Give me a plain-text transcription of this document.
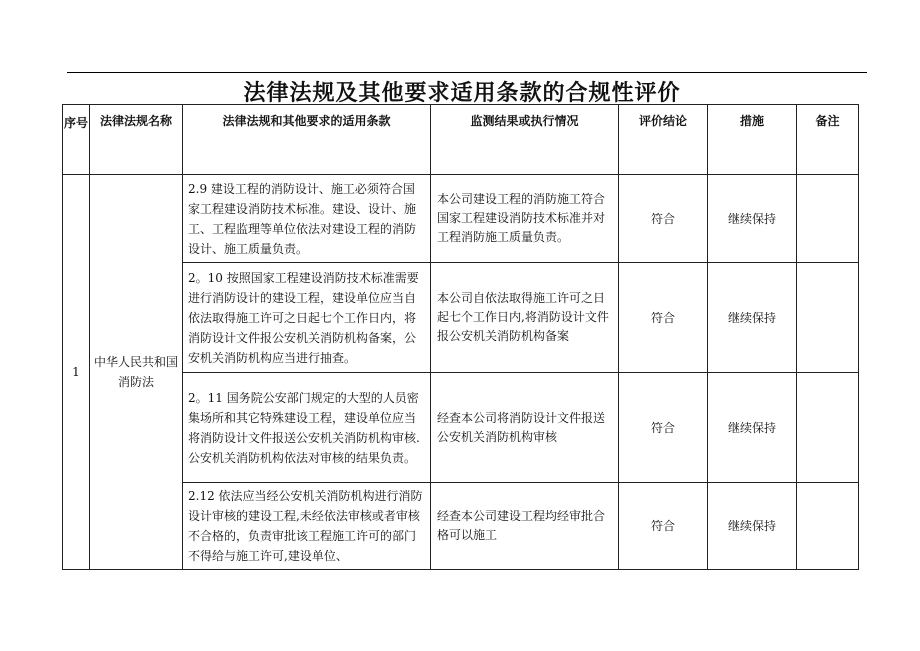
法律法规及其他要求适用条款的合规性评价
序号	法律法规名称	法律法规和其他要求的适用条款	监测结果或执行情况	评价结论	措施	备注
1	中华人民共和国消防法	2.9 建设工程的消防设计、施工必须符合国家工程建设消防技术标准。建设、设计、施工、工程监理等单位依法对建设工程的消防设计、施工质量负责。	本公司建设工程的消防施工符合国家工程建设消防技术标准并对工程消防施工质量负责。	符合	继续保持	
		2。10 按照国家工程建设消防技术标准需要进行消防设计的建设工程，建设单位应当自依法取得施工许可之日起七个工作日内，将消防设计文件报公安机关消防机构备案，公安机关消防机构应当进行抽查。	本公司自依法取得施工许可之日起七个工作日内,将消防设计文件报公安机关消防机构备案	符合	继续保持	
		2。11 国务院公安部门规定的大型的人员密集场所和其它特殊建设工程，建设单位应当将消防设计文件报送公安机关消防机构审核.公安机关消防机构依法对审核的结果负责。	经查本公司将消防设计文件报送公安机关消防机构审核	符合	继续保持	
		2.12 依法应当经公安机关消防机构进行消防设计审核的建设工程,未经依法审核或者审核不合格的，负责审批该工程施工许可的部门不得给与施工许可,建设单位、	经查本公司建设工程均经审批合格可以施工	符合	继续保持	
